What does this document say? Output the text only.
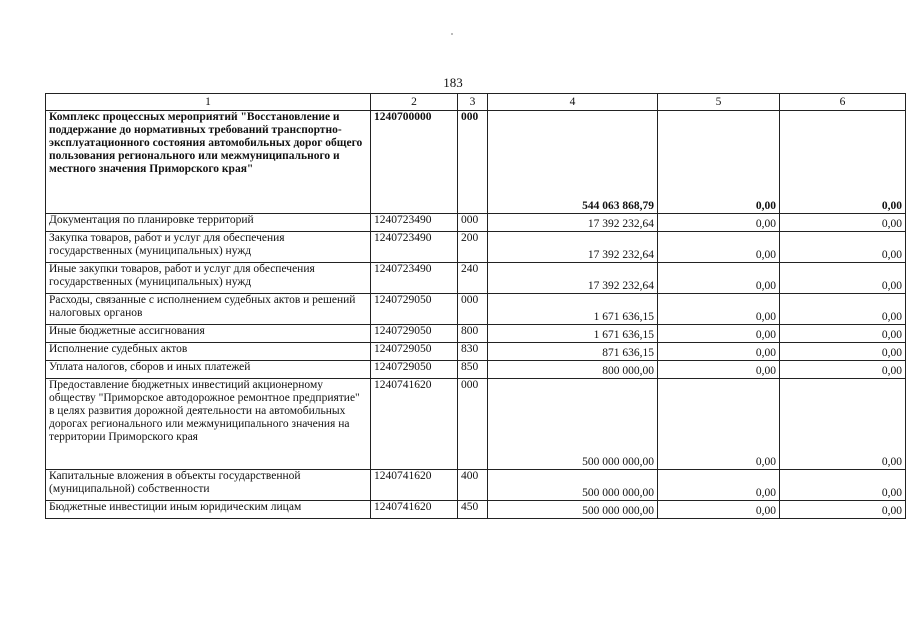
183
1	2	3	4	5	6
Комплекс процессных мероприятий "Восстановление и поддержание до нормативных требований транспортно-эксплуатационного состояния автомобильных дорог общего пользования регионального или межмуниципального и местного значения Приморского края"	1240700000	000	544 063 868,79	0,00	0,00
Документация по планировке территорий	1240723490	000	17 392 232,64	0,00	0,00
Закупка товаров, работ и услуг для обеспечения государственных (муниципальных) нужд	1240723490	200	17 392 232,64	0,00	0,00
Иные закупки товаров, работ и услуг для обеспечения государственных (муниципальных) нужд	1240723490	240	17 392 232,64	0,00	0,00
Расходы, связанные с исполнением судебных актов и решений налоговых органов	1240729050	000	1 671 636,15	0,00	0,00
Иные бюджетные ассигнования	1240729050	800	1 671 636,15	0,00	0,00
Исполнение судебных актов	1240729050	830	871 636,15	0,00	0,00
Уплата налогов, сборов и иных платежей	1240729050	850	800 000,00	0,00	0,00
Предоставление бюджетных инвестиций акционерному обществу "Приморское автодорожное ремонтное предприятие" в целях развития дорожной деятельности на автомобильных дорогах регионального или межмуниципального значения на территории Приморского края	1240741620	000	500 000 000,00	0,00	0,00
Капитальные вложения в объекты государственной (муниципальной) собственности	1240741620	400	500 000 000,00	0,00	0,00
Бюджетные инвестиции иным юридическим лицам	1240741620	450	500 000 000,00	0,00	0,00
